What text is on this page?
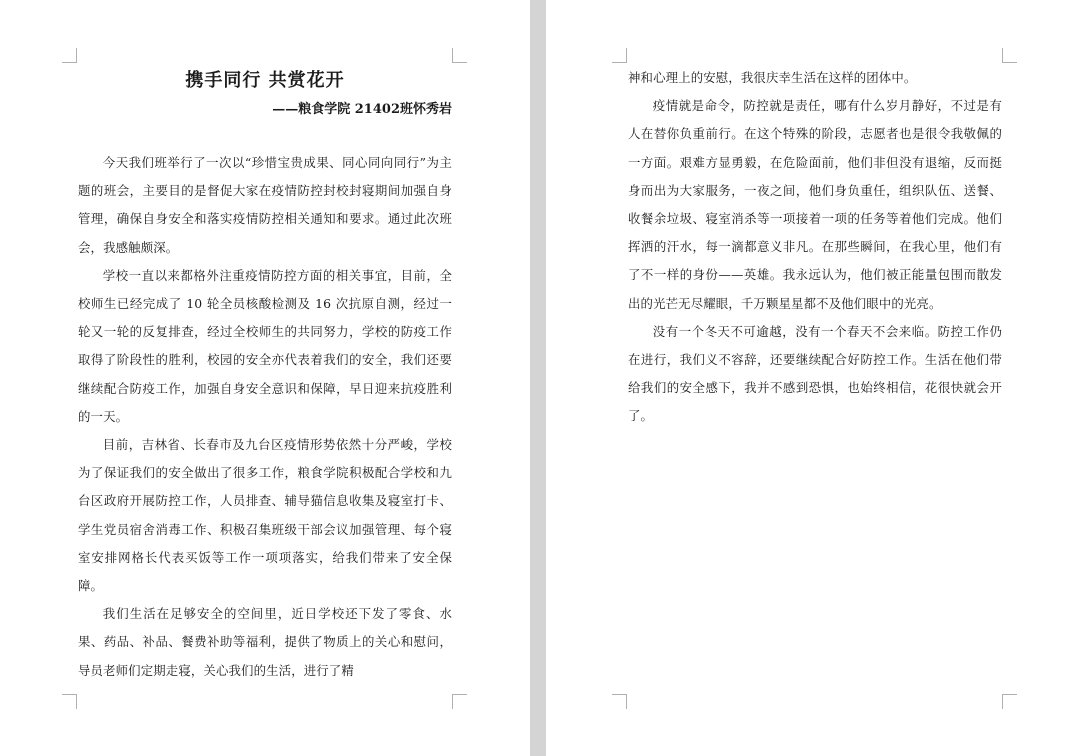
携手同行 共赏花开
——粮食学院 21402班怀秀岩

今天我们班举行了一次以“珍惜宝贵成果、同心同向同行”为主题的班会，主要目的是督促大家在疫情防控封校封寝期间加强自身管理，确保自身安全和落实疫情防控相关通知和要求。通过此次班会，我感触颇深。

学校一直以来都格外注重疫情防控方面的相关事宜，目前，全校师生已经完成了 10 轮全员核酸检测及 16 次抗原自测，经过一轮又一轮的反复排查，经过全校师生的共同努力，学校的防疫工作取得了阶段性的胜利，校园的安全亦代表着我们的安全，我们还要继续配合防疫工作，加强自身安全意识和保障，早日迎来抗疫胜利的一天。

目前，吉林省、长春市及九台区疫情形势依然十分严峻，学校为了保证我们的安全做出了很多工作，粮食学院积极配合学校和九台区政府开展防控工作，人员排查、辅导猫信息收集及寝室打卡、学生党员宿舍消毒工作、积极召集班级干部会议加强管理、每个寝室安排网格长代表买饭等工作一项项落实，给我们带来了安全保障。

我们生活在足够安全的空间里，近日学校还下发了零食、水果、药品、补品、餐费补助等福利，提供了物质上的关心和慰问，导员老师们定期走寝，关心我们的生活，进行了精

神和心理上的安慰，我很庆幸生活在这样的团体中。

疫情就是命令，防控就是责任，哪有什么岁月静好，不过是有人在替你负重前行。在这个特殊的阶段，志愿者也是很令我敬佩的一方面。艰难方显勇毅，在危险面前，他们非但没有退缩，反而挺身而出为大家服务，一夜之间，他们身负重任，组织队伍、送餐、收餐余垃圾、寝室消杀等一项接着一项的任务等着他们完成。他们挥洒的汗水，每一滴都意义非凡。在那些瞬间，在我心里，他们有了不一样的身份——英雄。我永远认为，他们被正能量包围而散发出的光芒无尽耀眼，千万颗星星都不及他们眼中的光亮。

没有一个冬天不可逾越，没有一个春天不会来临。防控工作仍在进行，我们义不容辞，还要继续配合好防控工作。生活在他们带给我们的安全感下，我并不感到恐惧，也始终相信，花很快就会开了。
